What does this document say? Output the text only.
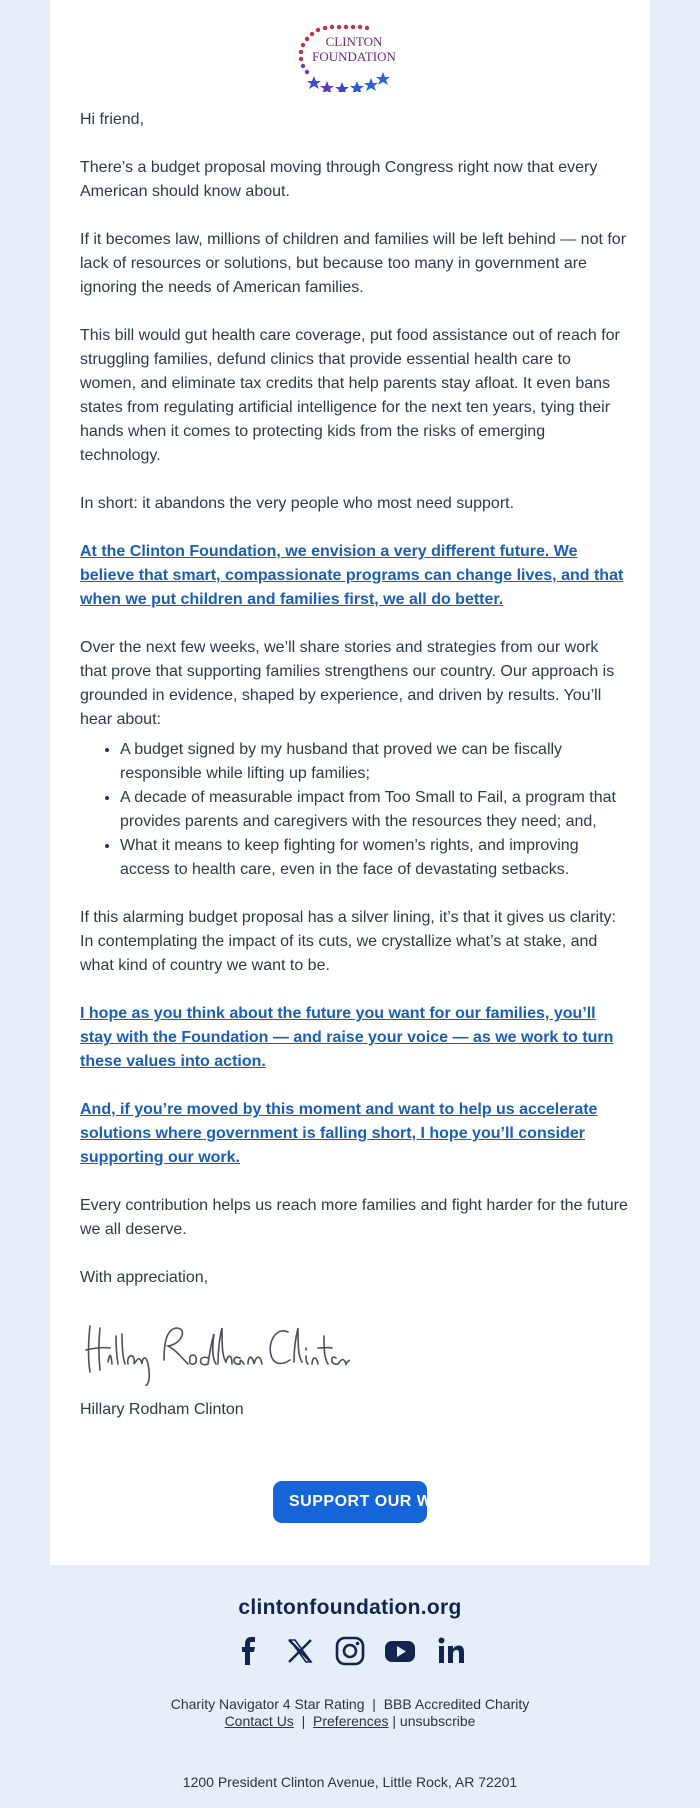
CLINTON
FOUNDATION

Hi friend,

There’s a budget proposal moving through Congress right now that every American should know about.

If it becomes law, millions of children and families will be left behind — not for lack of resources or solutions, but because too many in government are ignoring the needs of American families.

This bill would gut health care coverage, put food assistance out of reach for struggling families, defund clinics that provide essential health care to women, and eliminate tax credits that help parents stay afloat. It even bans states from regulating artificial intelligence for the next ten years, tying their hands when it comes to protecting kids from the risks of emerging technology.

In short: it abandons the very people who most need support.

At the Clinton Foundation, we envision a very different future. We believe that smart, compassionate programs can change lives, and that when we put children and families first, we all do better.

Over the next few weeks, we’ll share stories and strategies from our work that prove that supporting families strengthens our country. Our approach is grounded in evidence, shaped by experience, and driven by results. You’ll hear about:

• A budget signed by my husband that proved we can be fiscally responsible while lifting up families;
• A decade of measurable impact from Too Small to Fail, a program that provides parents and caregivers with the resources they need; and,
• What it means to keep fighting for women’s rights, and improving access to health care, even in the face of devastating setbacks.

If this alarming budget proposal has a silver lining, it’s that it gives us clarity: In contemplating the impact of its cuts, we crystallize what’s at stake, and what kind of country we want to be.

I hope as you think about the future you want for our families, you’ll stay with the Foundation — and raise your voice — as we work to turn these values into action.

And, if you’re moved by this moment and want to help us accelerate solutions where government is falling short, I hope you’ll consider supporting our work.

Every contribution helps us reach more families and fight harder for the future we all deserve.

With appreciation,

Hillary Rodham Clinton

SUPPORT OUR WORK
clintonfoundation.org

Charity Navigator 4 Star Rating | BBB Accredited Charity
Contact Us | Preferences | unsubscribe
1200 President Clinton Avenue, Little Rock, AR 72201
